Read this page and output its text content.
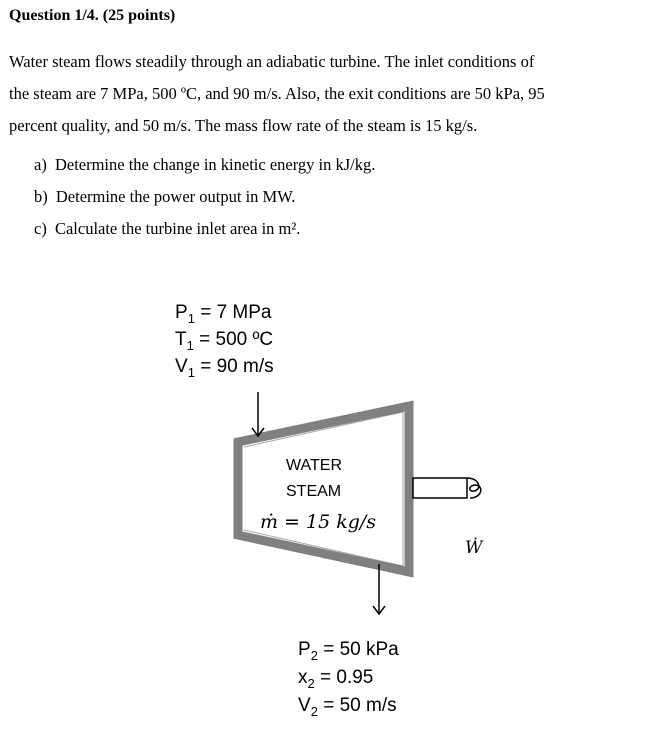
Question 1/4. (25 points)
Water steam flows steadily through an adiabatic turbine. The inlet conditions of
the steam are 7 MPa, 500 ºC, and 90 m/s. Also, the exit conditions are 50 kPa, 95
percent quality, and 50 m/s. The mass flow rate of the steam is 15 kg/s.
a) Determine the change in kinetic energy in kJ/kg.
b) Determine the power output in MW.
c) Calculate the turbine inlet area in m².
$P_1 = 7$ MPa
$T_1 = 500$ ºC
$V_1 = 90$ m/s
WATER
STEAM
ṁ = 15 kg/s
Ẇ
$P_2 = 50$ kPa
$x_2 = 0.95$
$V_2 = 50$ m/s
